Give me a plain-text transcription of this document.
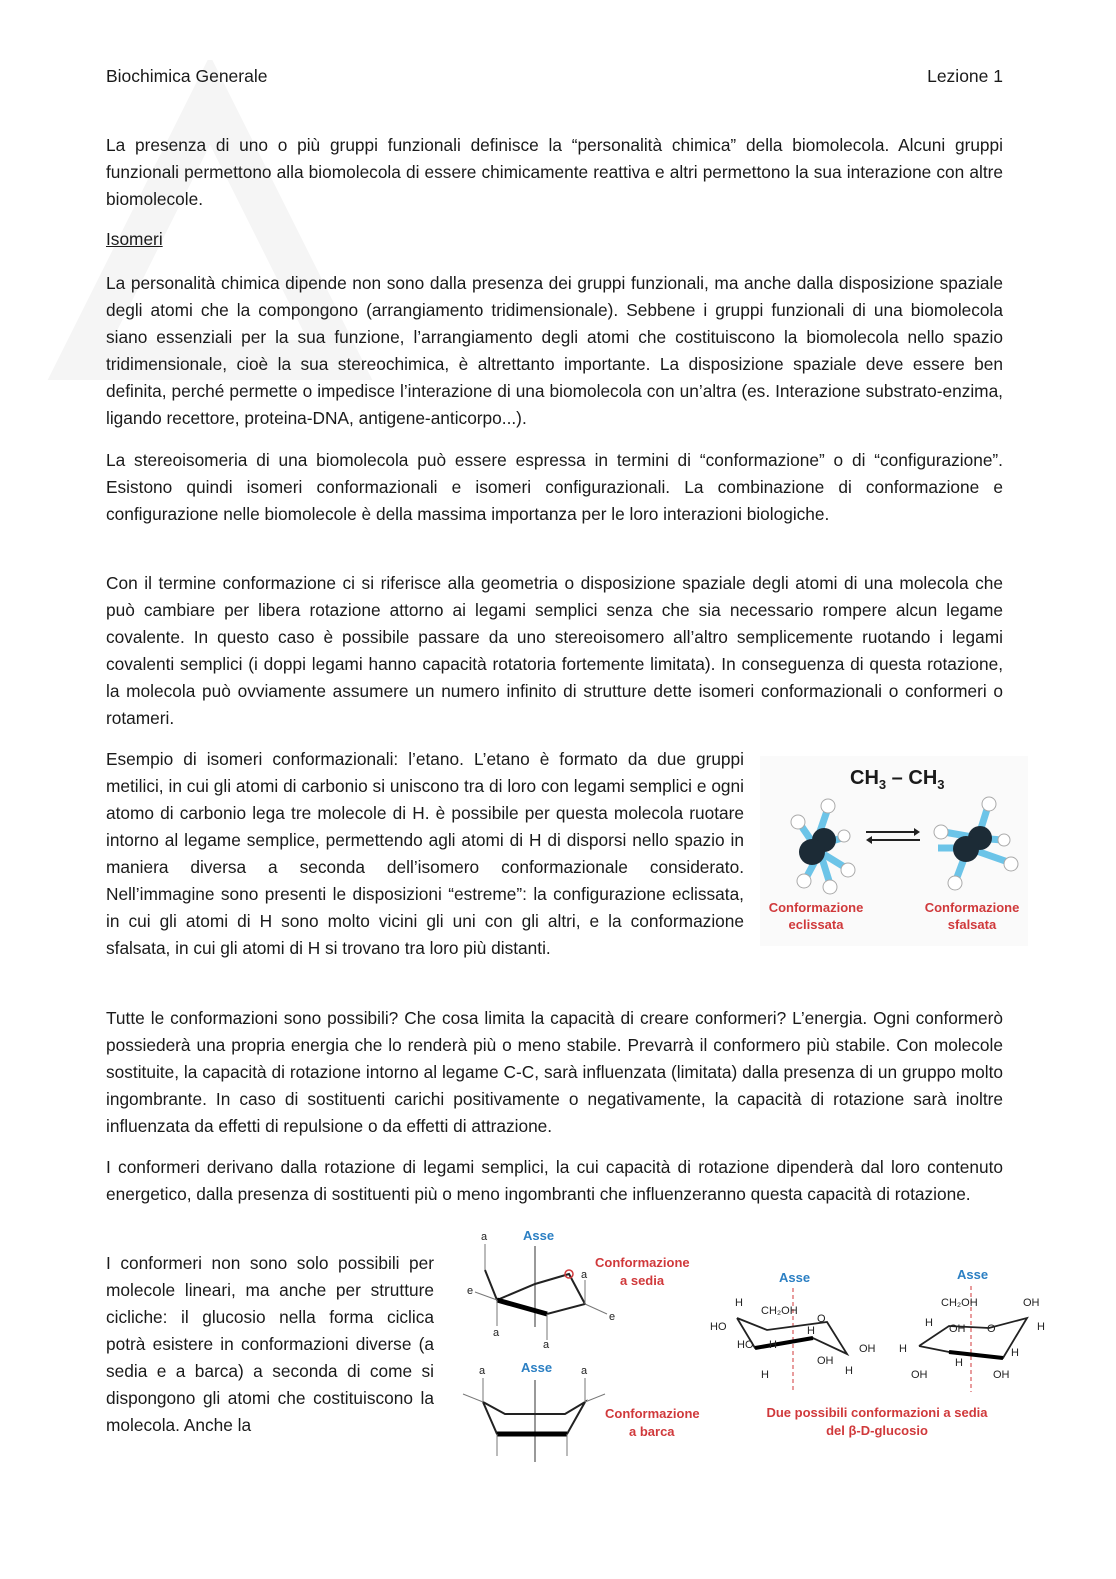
Biochimica Generale	Lezione 1

La presenza di uno o più gruppi funzionali definisce la “personalità chimica” della biomolecola. Alcuni gruppi funzionali permettono alla biomolecola di essere chimicamente reattiva e altri permettono la sua interazione con altre biomolecole.

Isomeri

La personalità chimica dipende non sono dalla presenza dei gruppi funzionali, ma anche dalla disposizione spaziale degli atomi che la compongono (arrangiamento tridimensionale). Sebbene i gruppi funzionali di una biomolecola siano essenziali per la sua funzione, l’arrangiamento degli atomi che costituiscono la biomolecola nello spazio tridimensionale, cioè la sua stereochimica, è altrettanto importante. La disposizione spaziale deve essere ben definita, perché permette o impedisce l’interazione di una biomolecola con un’altra (es. Interazione substrato-enzima, ligando recettore, proteina-DNA, antigene-anticorpo...).

La stereoisomeria di una biomolecola può essere espressa in termini di “conformazione” o di “configurazione”. Esistono quindi isomeri conformazionali e isomeri configurazionali. La combinazione di conformazione e configurazione nelle biomolecole è della massima importanza per le loro interazioni biologiche.

Con il termine conformazione ci si riferisce alla geometria o disposizione spaziale degli atomi di una molecola che può cambiare per libera rotazione attorno ai legami semplici senza che sia necessario rompere alcun legame covalente. In questo caso è possibile passare da uno stereoisomero all’altro semplicemente ruotando i legami covalenti semplici (i doppi legami hanno capacità rotatoria fortemente limitata). In conseguenza di questa rotazione, la molecola può ovviamente assumere un numero infinito di strutture dette isomeri conformazionali o conformeri o rotameri.

Esempio di isomeri conformazionali: l’etano. L’etano è formato da due gruppi metilici, in cui gli atomi di carbonio si uniscono tra di loro con legami semplici e ogni atomo di carbonio lega tre molecole di H. è possibile per questa molecola ruotare intorno al legame semplice, permettendo agli atomi di H di disporsi nello spazio in maniera diversa a seconda dell’isomero conformazionale considerato. Nell’immagine sono presenti le disposizioni “estreme”: la configurazione eclissata, in cui gli atomi di H sono molto vicini gli uni con gli altri, e la conformazione sfalsata, in cui gli atomi di H si trovano tra loro più distanti.

Tutte le conformazioni sono possibili? Che cosa limita la capacità di creare conformeri? L’energia. Ogni conformerò possiederà una propria energia che lo renderà più o meno stabile. Prevarrà il conformero più stabile. Con molecole sostituite, la capacità di rotazione intorno al legame C-C, sarà influenzata (limitata) dalla presenza di un gruppo molto ingombrante. In caso di sostituenti carichi positivamente o negativamente, la capacità di rotazione sarà inoltre influenzata da effetti di repulsione o da effetti di attrazione.

I conformeri derivano dalla rotazione di legami semplici, la cui capacità di rotazione dipenderà dal loro contenuto energetico, dalla presenza di sostituenti più o meno ingombranti che influenzeranno questa capacità di rotazione.

I conformeri non sono solo possibili per molecole lineari, ma anche per strutture cicliche: il glucosio nella forma ciclica potrà esistere in conformazioni diverse (a sedia e a barca) a seconda di come si dispongono gli atomi che costituiscono la molecola. Anche la

$CH_3 - CH_3$
Conformazione
eclissata
Conformazione
sfalsata
Asse
a
a
a
a
e
e
Conformazione
a sedia
Asse
a	a
Conformazione
a barca
Asse
CH₂OH
O
HO
HO	OH
OH
H
H
H
H	H
Asse
CH₂OH
O
OH
OH
OH	OH
H	H
H
H
H
Due possibili conformazioni a sedia
del β-D-glucosio
